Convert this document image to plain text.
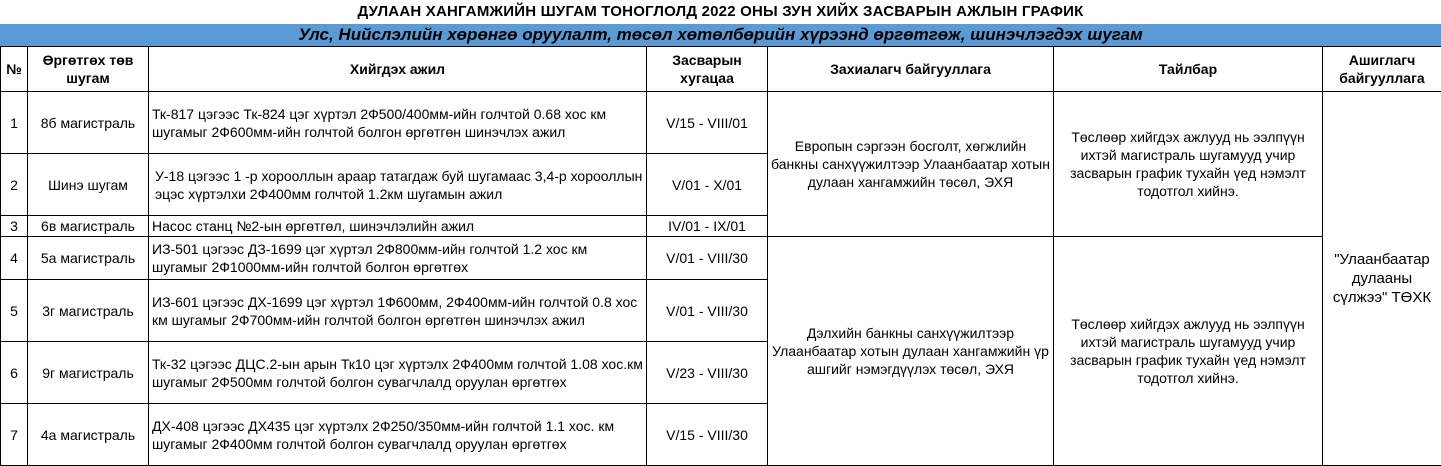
ДУЛААН ХАНГАМЖИЙН ШУГАМ ТОНОГЛОЛД 2022 ОНЫ ЗУН ХИЙХ ЗАСВАРЫН АЖЛЫН ГРАФИК
Улс, Нийслэлийн хөрөнгө оруулалт, төсөл хөтөлбөрийн хүрээнд өргөтгөж, шинэчлэгдэх шугам
№	Өргөтгөх төв шугам	Хийгдэх ажил	Засварын хугацаа	Захиалагч байгууллага	Тайлбар	Ашиглагч байгууллага
1	8б магистраль	Тк-817 цэгээс Тк-824 цэг хүртэл 2Ф500/400мм-ийн голчтой 0.68 хос км шугамыг 2Ф600мм-ийн голчтой болгон өргөтгөн шинэчлэх ажил	V/15 - VIII/01	Европын сэргээн босголт, хөгжлийн банкны санхүүжилтээр Улаанбаатар хотын дулаан хангамжийн төсөл, ЭХЯ	Төслөөр хийгдэх ажлууд нь ээлпүүн ихтэй магистраль шугамууд учир засварын график тухайн үед нэмэлт тодотгол хийнэ.	"Улаанбаатар дулааны сүлжээ" ТӨХК
2	Шинэ шугам	У-18 цэгээс 1 -р хорооллын араар татагдаж буй шугамаас 3,4-р хорооллын эцэс хүртэлхи 2Ф400мм голчтой 1.2км шугамын ажил	V/01 - X/01			
3	6в магистраль	Насос станц №2-ын өргөтгөл, шинэчлэлийн ажил	IV/01 - IX/01			
4	5а магистраль	ИЗ-501 цэгээс ДЗ-1699 цэг хүртэл 2Ф800мм-ийн голчтой 1.2 хос км шугамыг 2Ф1000мм-ийн голчтой болгон өргөтгөх	V/01 - VIII/30	Дэлхийн банкны санхүүжилтээр Улаанбаатар хотын дулаан хангамжийн үр ашгийг нэмэгдүүлэх төсөл, ЭХЯ	Төслөөр хийгдэх ажлууд нь ээлпүүн ихтэй магистраль шугамууд учир засварын график тухайн үед нэмэлт тодотгол хийнэ.	
5	3г магистраль	ИЗ-601 цэгээс ДХ-1699 цэг хүртэл 1Ф600мм, 2Ф400мм-ийн голчтой 0.8 хос км шугамыг 2Ф700мм-ийн голчтой болгон өргөтгөн шинэчлэх ажил	V/01 - VIII/30			
6	9г магистраль	Тк-32 цэгээс ДЦС.2-ын арын Тк10 цэг хүртэлх 2Ф400мм голчтой 1.08 хос.км шугамыг 2Ф500мм голчтой болгон сувагчлалд оруулан өргөтгөх	V/23 - VIII/30			
7	4а магистраль	ДХ-408 цэгээс ДХ435 цэг хүртэлх 2Ф250/350мм-ийн голчтой 1.1 хос. км шугамыг 2Ф400мм голчтой болгон сувагчлалд оруулан өргөтгөх	V/15 - VIII/30			
